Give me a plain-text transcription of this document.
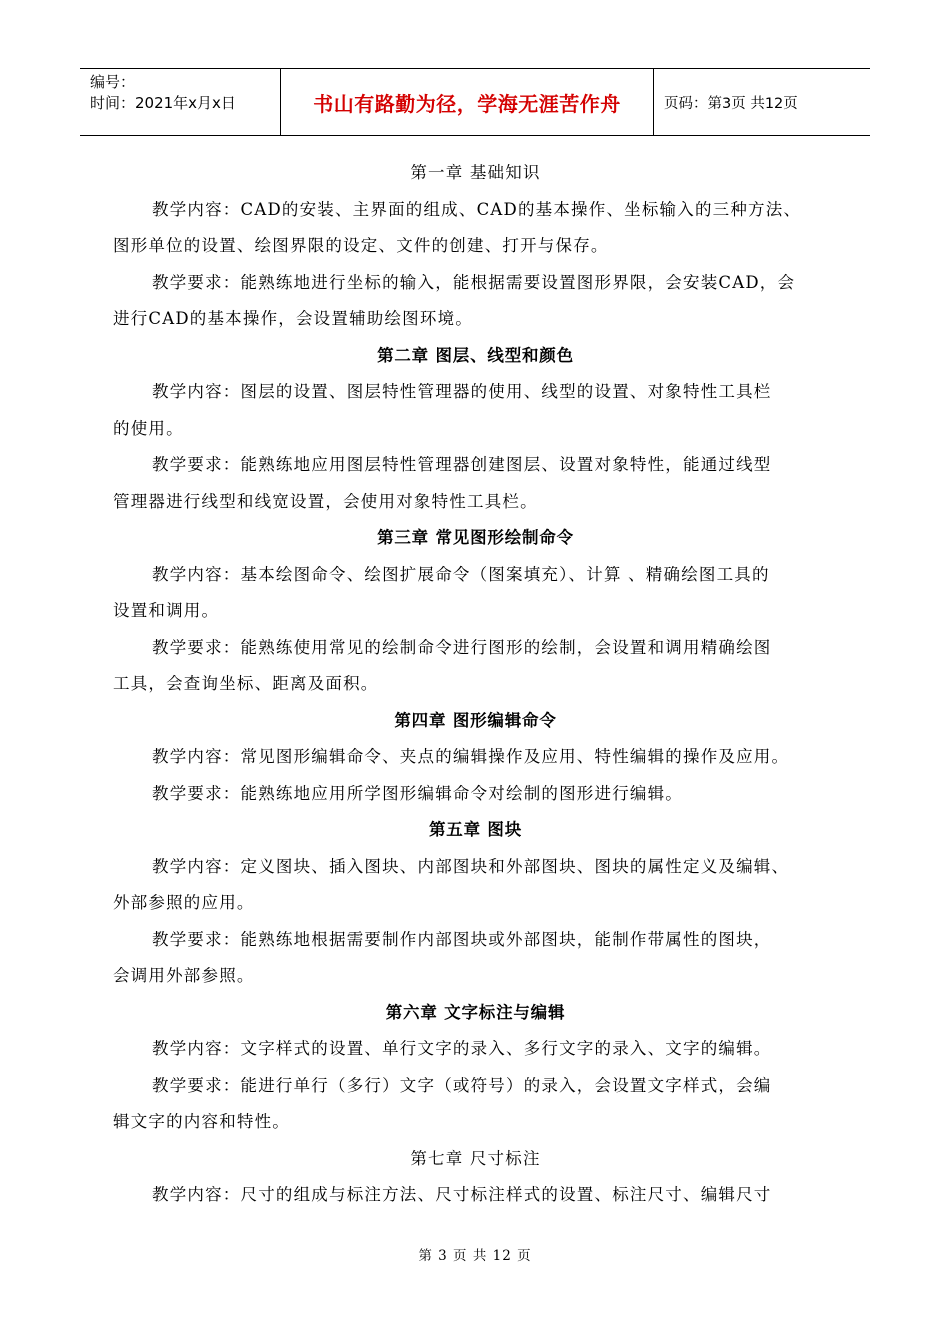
编号：
时间：2021年x月x日	书山有路勤为径，学海无涯苦作舟	页码：第3页 共12页
第一章 基础知识
教学内容：CAD的安装、主界面的组成、CAD的基本操作、坐标输入的三种方法、
图形单位的设置、绘图界限的设定、文件的创建、打开与保存。
教学要求：能熟练地进行坐标的输入，能根据需要设置图形界限，会安装CAD，会
进行CAD的基本操作，会设置辅助绘图环境。
第二章 图层、线型和颜色
教学内容：图层的设置、图层特性管理器的使用、线型的设置、对象特性工具栏
的使用。
教学要求：能熟练地应用图层特性管理器创建图层、设置对象特性，能通过线型
管理器进行线型和线宽设置，会使用对象特性工具栏。
第三章 常见图形绘制命令
教学内容：基本绘图命令、绘图扩展命令（图案填充）、计算 、精确绘图工具的
设置和调用。
教学要求：能熟练使用常见的绘制命令进行图形的绘制，会设置和调用精确绘图
工具，会查询坐标、距离及面积。
第四章 图形编辑命令
教学内容：常见图形编辑命令、夹点的编辑操作及应用、特性编辑的操作及应用。
教学要求：能熟练地应用所学图形编辑命令对绘制的图形进行编辑。
第五章 图块
教学内容：定义图块、插入图块、内部图块和外部图块、图块的属性定义及编辑、
外部参照的应用。
教学要求：能熟练地根据需要制作内部图块或外部图块，能制作带属性的图块，
会调用外部参照。
第六章 文字标注与编辑
教学内容：文字样式的设置、单行文字的录入、多行文字的录入、文字的编辑。
教学要求：能进行单行（多行）文字（或符号）的录入，会设置文字样式，会编
辑文字的内容和特性。
第七章 尺寸标注
教学内容：尺寸的组成与标注方法、尺寸标注样式的设置、标注尺寸、编辑尺寸
第 3 页 共 12 页
